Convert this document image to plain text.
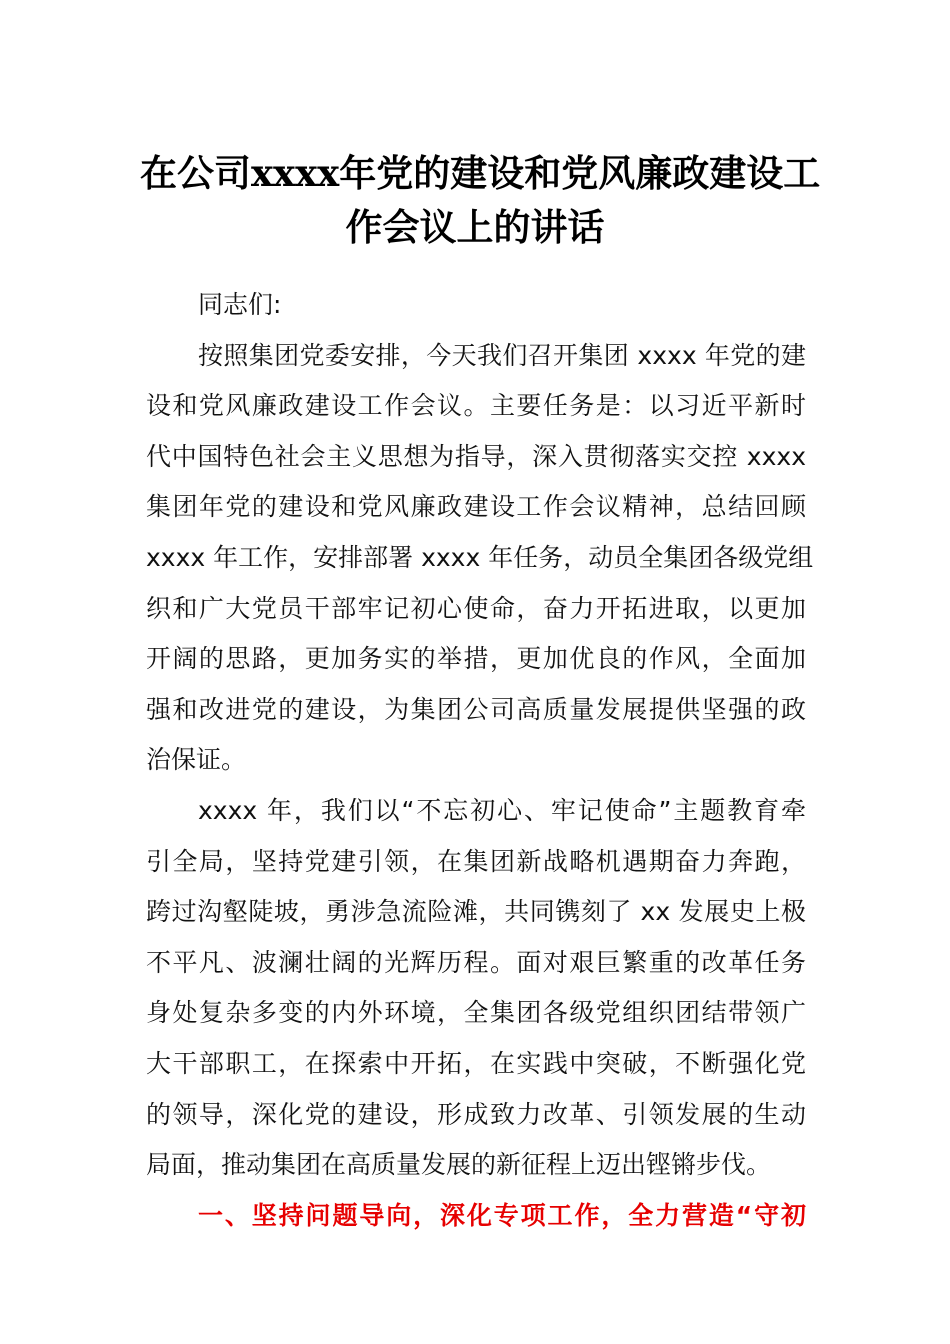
在公司xxxx年党的建设和党风廉政建设工
作会议上的讲话
同志们:
按照集团党委安排，今天我们召开集团 xxxx 年党的建
设和党风廉政建设工作会议。主要任务是：以习近平新时
代中国特色社会主义思想为指导，深入贯彻落实交控 xxxx
集团年党的建设和党风廉政建设工作会议精神，总结回顾
xxxx 年工作，安排部署 xxxx 年任务，动员全集团各级党组
织和广大党员干部牢记初心使命，奋力开拓进取，以更加
开阔的思路，更加务实的举措，更加优良的作风，全面加
强和改进党的建设，为集团公司高质量发展提供坚强的政
治保证。
xxxx 年，我们以“不忘初心、牢记使命”主题教育牵
引全局，坚持党建引领，在集团新战略机遇期奋力奔跑，
跨过沟壑陡坡，勇涉急流险滩，共同镌刻了 xx 发展史上极
不平凡、波澜壮阔的光辉历程。面对艰巨繁重的改革任务
身处复杂多变的内外环境，全集团各级党组织团结带领广
大干部职工，在探索中开拓，在实践中突破，不断强化党
的领导，深化党的建设，形成致力改革、引领发展的生动
局面，推动集团在高质量发展的新征程上迈出铿锵步伐。
一、坚持问题导向，深化专项工作，全力营造“守初
